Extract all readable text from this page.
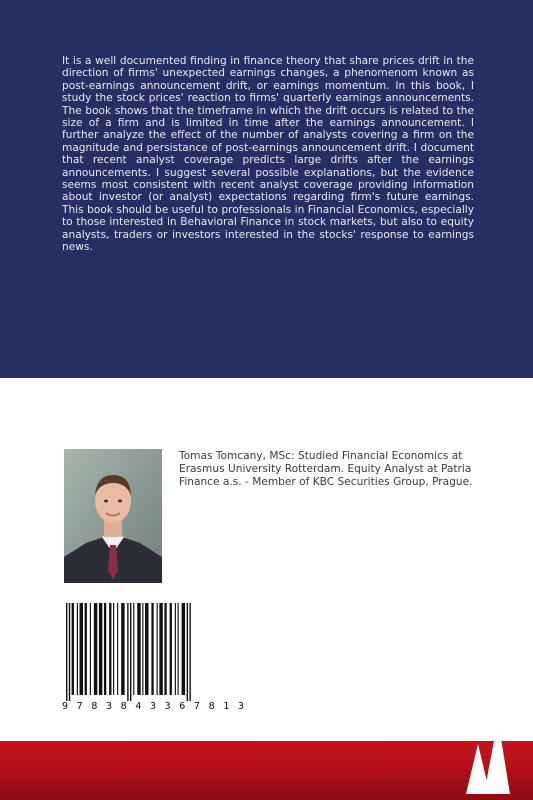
It is a well documented finding in finance theory that share prices drift in the direction of firms' unexpected earnings changes, a phenomenom known as post-earnings announcement drift, or earnings momentum. In this book, I study the stock prices' reaction to firms' quarterly earnings announcements. The book shows that the timeframe in which the drift occurs is related to the size of a firm and is limited in time after the earnings announcement. I further analyze the effect of the number of analysts covering a firm on the magnitude and persistance of post-earnings announcement drift. I document that recent analyst coverage predicts large drifts after the earnings announcements. I suggest several possible explanations, but the evidence seems most consistent with recent analyst coverage providing information about investor (or analyst) expectations regarding firm's future earnings. This book should be useful to professionals in Financial Economics, especially to those interested in Behavioral Finance in stock markets, but also to equity analysts, traders or investors interested in the stocks' response to earnings news.

Tomas Tomcany, MSc: Studied Financial Economics at Erasmus University Rotterdam. Equity Analyst at Patria Finance a.s. - Member of KBC Securities Group, Prague.

9 7 8 3 8 4 3 3 6 7 8 1 3
